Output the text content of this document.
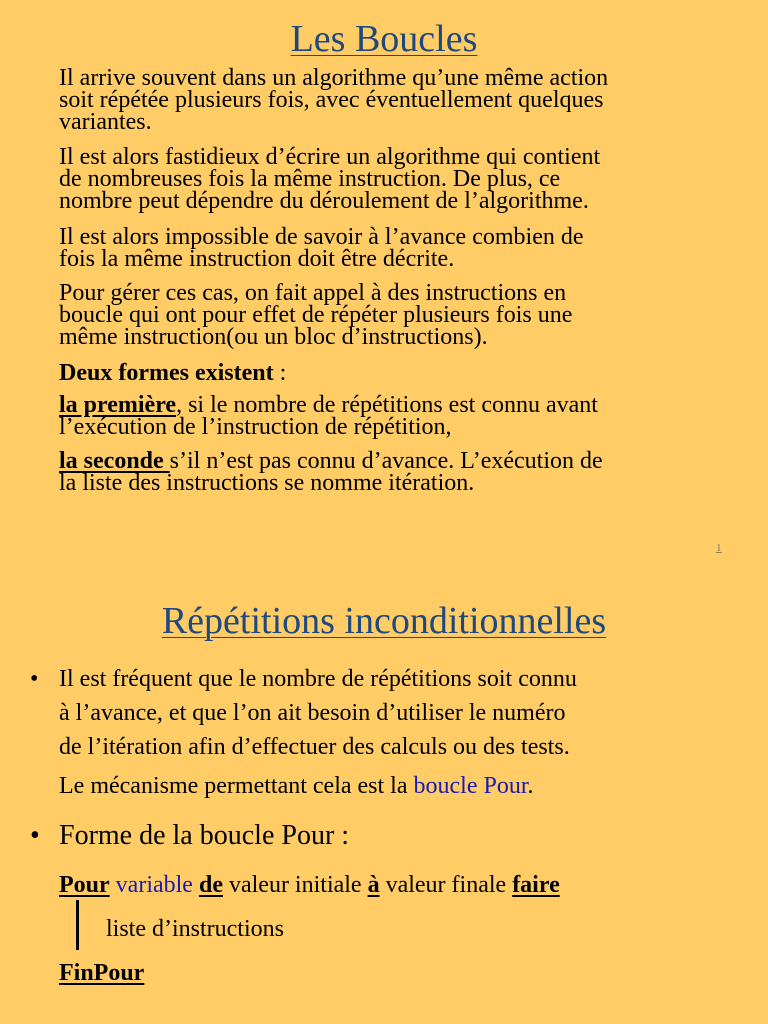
Les Boucles
Il arrive souvent dans un algorithme qu’une même action
soit répétée plusieurs fois, avec éventuellement quelques
variantes.
Il est alors fastidieux d’écrire un algorithme qui contient
de nombreuses fois la même instruction. De plus, ce
nombre peut dépendre du déroulement de l’algorithme.
Il est alors impossible de savoir à l’avance combien de
fois la même instruction doit être décrite.
Pour gérer ces cas, on fait appel à des instructions en
boucle qui ont pour effet de répéter plusieurs fois une
même instruction(ou un bloc d’instructions).
Deux formes existent :
la première, si le nombre de répétitions est connu avant
l’exécution de l’instruction de répétition,
la seconde s’il n’est pas connu d’avance. L’exécution de
la liste des instructions se nomme itération.
1
Répétitions inconditionnelles
• Il est fréquent que le nombre de répétitions soit connu
à l’avance, et que l’on ait besoin d’utiliser le numéro
de l’itération afin d’effectuer des calculs ou des tests.
Le mécanisme permettant cela est la boucle Pour.
• Forme de la boucle Pour :
Pour variable de valeur initiale à valeur finale faire
liste d’instructions
FinPour
